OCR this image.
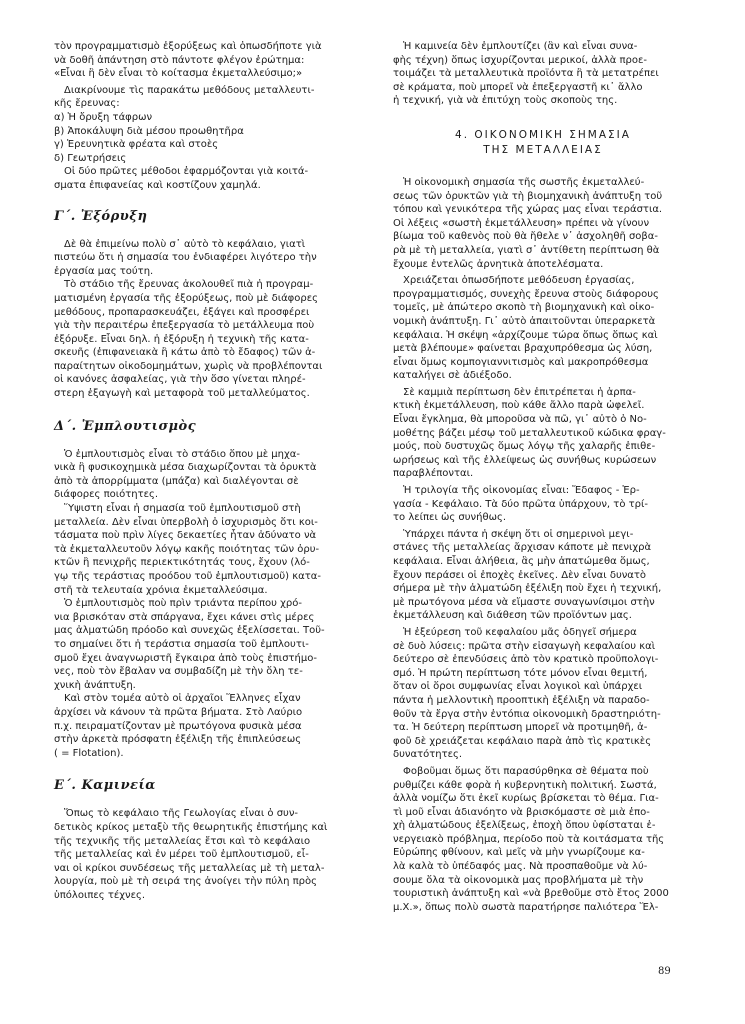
τὸν προγραμματισμὸ ἐξορύξεως καὶ ὁπωσδήποτε γιὰ
νὰ δοθῆ ἀπάντηση στὸ πάντοτε φλέγον ἐρώτημα:
«Εἶναι ἢ δὲν εἶναι τὸ κοίτασμα ἐκμεταλλεύσιμο;»

Διακρίνουμε τὶς παρακάτω μεθόδους μεταλλευτι-
κῆς ἔρευνας:

α) Ἡ ὄρυξη τάφρων
β) Ἀποκάλυψη διὰ μέσου προωθητῆρα
γ) Ἐρευνητικὰ φρέατα καὶ στοὲς
δ) Γεωτρήσεις

Οἱ δύο πρῶτες μέθοδοι ἐφαρμόζονται γιὰ κοιτά-
σματα ἐπιφανείας καὶ κοστίζουν χαμηλά.

Γ΄. Ἐξόρυξη

Δὲ θὰ ἐπιμείνω πολὺ σ᾽ αὐτὸ τὸ κεφάλαιο, γιατὶ
πιστεύω ὅτι ἡ σημασία του ἐνδιαφέρει λιγότερο τὴν
ἐργασία μας τούτη.

Τὸ στάδιο τῆς ἔρευνας ἀκολουθεῖ πιὰ ἡ προγραμ-
ματισμένη ἐργασία τῆς ἐξορύξεως, ποὺ μὲ διάφορες
μεθόδους, προπαρασκευάζει, ἐξάγει καὶ προσφέρει
γιὰ τὴν περαιτέρω ἐπεξεργασία τὸ μετάλλευμα ποὺ
ἐξόρυξε. Εἶναι δηλ. ἡ ἐξόρυξη ἡ τεχνικὴ τῆς κατα-
σκευῆς (ἐπιφανειακὰ ἢ κάτω ἀπὸ τὸ ἔδαφος) τῶν ἀ-
παραίτητων οἰκοδομημάτων, χωρὶς νὰ προβλέπονται
οἱ κανόνες ἀσφαλείας, γιὰ τὴν ὅσο γίνεται πληρέ-
στερη ἐξαγωγὴ καὶ μεταφορὰ τοῦ μεταλλεύματος.

Δ΄. Ἐμπλουτισμὸς

Ὁ ἐμπλουτισμὸς εἶναι τὸ στάδιο ὅπου μὲ μηχα-
νικὰ ἢ φυσικοχημικὰ μέσα διαχωρίζονται τὰ ὀρυκτὰ
ἀπὸ τὰ ἀπορρίμματα (μπάζα) καὶ διαλέγονται σὲ
διάφορες ποιότητες.

Ὕψιστη εἶναι ἡ σημασία τοῦ ἐμπλουτισμοῦ στὴ
μεταλλεία. Δὲν εἶναι ὑπερβολὴ ὁ ἰσχυρισμὸς ὅτι κοι-
τάσματα ποὺ πρὶν λίγες δεκαετίες ἦταν ἀδύνατο νὰ
τὰ ἐκμεταλλευτοῦν λόγῳ κακῆς ποιότητας τῶν ὀρυ-
κτῶν ἢ πενιχρῆς περιεκτικότητάς τους, ἔχουν (λό-
γῳ τῆς τεράστιας προόδου τοῦ ἐμπλουτισμοῦ) κατα-
στῆ τὰ τελευταία χρόνια ἐκμεταλλεύσιμα.

Ὁ ἐμπλουτισμὸς ποὺ πρὶν τριάντα περίπου χρό-
νια βρισκόταν στὰ σπάργανα, ἔχει κάνει στὶς μέρες
μας ἀλματώδη πρόοδο καὶ συνεχῶς ἐξελίσσεται. Τοῦ-
το σημαίνει ὅτι ἡ τεράστια σημασία τοῦ ἐμπλουτι-
σμοῦ ἔχει ἀναγνωριστῆ ἔγκαιρα ἀπὸ τοὺς ἐπιστήμο-
νες, ποὺ τὸν ἔβαλαν να συμβαδίζη μὲ τὴν ὅλη τε-
χνικὴ ἀνάπτυξη.

Καὶ στὸν τομέα αὐτὸ οἱ ἀρχαῖοι Ἕλληνες εἶχαν
ἀρχίσει νὰ κάνουν τὰ πρῶτα βήματα. Στὸ Λαύριο
π.χ. πειραματίζονταν μὲ πρωτόγονα φυσικὰ μέσα
στὴν ἀρκετὰ πρόσφατη ἐξέλιξη τῆς ἐπιπλεύσεως
( = Flotation).

Ε΄. Καμινεία

Ὅπως τὸ κεφάλαιο τῆς Γεωλογίας εἶναι ὁ συν-
δετικὸς κρίκος μεταξὺ τῆς θεωρητικῆς ἐπιστήμης καὶ
τῆς τεχνικῆς τῆς μεταλλείας ἔτσι καὶ τὸ κεφάλαιο
τῆς μεταλλείας καὶ ἐν μέρει τοῦ ἐμπλουτισμοῦ, εἶ-
ναι οἱ κρίκοι συνδέσεως τῆς μεταλλείας μὲ τὴ μεταλ-
λουργία, ποὺ μὲ τὴ σειρά της ἀνοίγει τὴν πύλη πρὸς
ὑπόλοιπες τέχνες.

Ἡ καμινεία δὲν ἐμπλουτίζει (ἂν καὶ εἶναι συνα-
φὴς τέχνη) ὅπως ἰσχυρίζονται μερικοί, ἀλλὰ προε-
τοιμάζει τὰ μεταλλευτικὰ προϊόντα ἢ τὰ μετατρέπει
σὲ κράματα, ποὺ μπορεῖ νὰ ἐπεξεργαστῆ κι᾽ ἄλλο
ἡ τεχνική, γιὰ νὰ ἐπιτύχη τοὺς σκοποὺς της.

4. ΟΙΚΟΝΟΜΙΚΗ ΣΗΜΑΣΙΑ
ΤΗΣ ΜΕΤΑΛΛΕΙΑΣ

Ἡ οἰκονομικὴ σημασία τῆς σωστῆς ἐκμεταλλεύ-
σεως τῶν ὀρυκτῶν γιὰ τὴ βιομηχανικὴ ἀνάπτυξη τοῦ
τόπου καὶ γενικότερα τῆς χώρας μας εἶναι τεράστια.
Οἱ λέξεις «σωστὴ ἐκμετάλλευση» πρέπει νὰ γίνουν
βίωμα τοῦ καθενὸς ποὺ θὰ ἤθελε ν᾽ ἀσχοληθῆ σοβα-
ρὰ μὲ τὴ μεταλλεία, γιατὶ σ᾽ ἀντίθετη περίπτωση θὰ
ἔχουμε ἐντελῶς ἀρνητικὰ ἀποτελέσματα.

Χρειάζεται ὁπωσδήποτε μεθόδευση ἐργασίας,
προγραμματισμός, συνεχὴς ἔρευνα στοὺς διάφορους
τομεῖς, μὲ ἀπώτερο σκοπὸ τὴ βιομηχανικὴ καὶ οἰκο-
νομικὴ ἀνάπτυξη. Γι᾽ αὐτὸ ἀπαιτοῦνται ὑπεραρκετὰ
κεφάλαια. Ἡ σκέψη «ἀρχίζουμε τώρα ὅπως ὅπως καὶ
μετὰ βλέπουμε» φαίνεται βραχυπρόθεσμα ὡς λύση,
εἶναι ὅμως κομπογιαννιτισμὸς καὶ μακροπρόθεσμα
καταλήγει σὲ ἀδιέξοδο.

Σὲ καμμιὰ περίπτωση δὲν ἐπιτρέπεται ἡ ἁρπα-
κτικὴ ἐκμετάλλευση, ποὺ κάθε ἄλλο παρὰ ὠφελεῖ.
Εἶναι ἔγκλημα, θὰ μποροῦσα νὰ πῶ, γι᾽ αὐτὸ ὁ Νο-
μοθέτης βάζει μέσῳ τοῦ μεταλλευτικοῦ κώδικα φραγ-
μούς, ποὺ δυστυχῶς ὅμως λόγῳ τῆς χαλαρῆς ἐπιθε-
ωρήσεως καὶ τῆς ἐλλείψεως ὡς συνήθως κυρώσεων
παραβλέπονται.

Ἡ τριλογία τῆς οἰκονομίας εἶναι: Ἔδαφος - Ἐρ-
γασία - Κεφάλαιο. Τὰ δύο πρῶτα ὑπάρχουν, τὸ τρί-
το λείπει ὡς συνήθως.

Ὑπάρχει πάντα ἡ σκέψη ὅτι οἱ σημερινοὶ μεγι-
στάνες τῆς μεταλλείας ἄρχισαν κάποτε μὲ πενιχρὰ
κεφάλαια. Εἶναι ἀλήθεια, ἂς μὴν ἀπατώμεθα ὅμως,
ἔχουν περάσει οἱ ἐποχὲς ἐκεῖνες. Δὲν εἶναι δυνατὸ
σήμερα μὲ τὴν ἀλματώδη ἐξέλιξη ποὺ ἔχει ἡ τεχνική,
μὲ πρωτόγονα μέσα νὰ εἴμαστε συναγωνίσιμοι στὴν
ἐκμετάλλευση καὶ διάθεση τῶν προϊόντων μας.

Ἡ ἐξεύρεση τοῦ κεφαλαίου μᾶς ὁδηγεῖ σήμερα
σὲ δυὸ λύσεις: πρῶτα στὴν εἰσαγωγὴ κεφαλαίου καὶ
δεύτερο σὲ ἐπενδύσεις ἀπὸ τὸν κρατικὸ προϋπολογι-
σμό. Ἡ πρώτη περίπτωση τότε μόνον εἶναι θεμιτή,
ὅταν οἱ ὅροι συμφωνίας εἶναι λογικοὶ καὶ ὑπάρχει
πάντα ἡ μελλοντικὴ προοπτικὴ ἐξέλιξη νὰ παραδο-
θοῦν τὰ ἔργα στὴν ἐντόπια οἰκονομικὴ δραστηριότη-
τα. Ἡ δεύτερη περίπτωση μπορεῖ νὰ προτιμηθῆ, ἀ-
φοῦ δὲ χρειάζεται κεφάλαιο παρὰ ἀπὸ τὶς κρατικὲς
δυνατότητες.

Φοβοῦμαι ὅμως ὅτι παρασύρθηκα σὲ θέματα ποὺ
ρυθμίζει κάθε φορὰ ἡ κυβερνητικὴ πολιτική. Σωστά,
ἀλλὰ νομίζω ὅτι ἐκεῖ κυρίως βρίσκεται τὸ θέμα. Για-
τὶ μοῦ εἶναι ἀδιανόητο νὰ βρισκόμαστε σὲ μιὰ ἐπο-
χὴ ἀλματώδους ἐξελίξεως, ἐποχὴ ὅπου ὑφίσταται ἐ-
νεργειακὸ πρόβλημα, περίοδο ποὺ τὰ κοιτάσματα τῆς
Εὐρώπης φθίνουν, καὶ μεῖς νὰ μὴν γνωρίζουμε κα-
λὰ καλὰ τὸ ὑπέδαφός μας. Νὰ προσπαθοῦμε νὰ λύ-
σουμε ὅλα τὰ οἰκονομικὰ μας προβλήματα μὲ τὴν
τουριστικὴ ἀνάπτυξη καὶ «νὰ βρεθοῦμε στὸ ἔτος 2000
μ.Χ.», ὅπως πολὺ σωστὰ παρατήρησε παλιότερα Ἕλ-

89
